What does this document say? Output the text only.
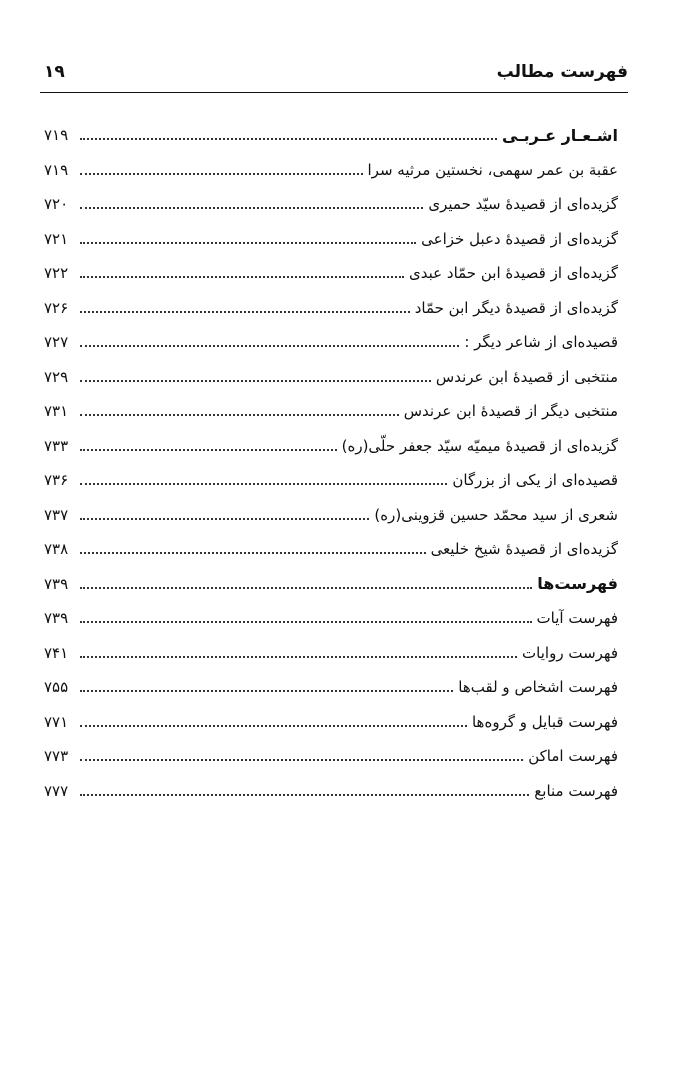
فهرست مطالب
۱۹
اشـعـار عـربـی
۷۱۹
عقبة بن عمر سهمی، نخستین مرثیه سرا
۷۱۹
گزیده‌ای از قصیدهٔ سیّد حمیری
۷۲۰
گزیده‌ای از قصیدهٔ دعبل خزاعی
۷۲۱
گزیده‌ای از قصیدهٔ ابن حمّاد عبدی
۷۲۲
گزیده‌ای از قصیدهٔ دیگر ابن حمّاد
۷۲۶
قصیده‌ای از شاعر دیگر :
۷۲۷
منتخبی از قصیدهٔ ابن عرندس
۷۲۹
منتخبی دیگر از قصیدهٔ ابن عرندس
۷۳۱
گزیده‌ای از قصیدهٔ میمیّه سیّد جعفر حلّی(ره)
۷۳۳
قصیده‌ای از یکی از بزرگان
۷۳۶
شعری از سید محمّد حسین قزوینی(ره)
۷۳۷
گزیده‌ای از قصیدهٔ شیخ خلیعی
۷۳۸
فهرست‌ها
۷۳۹
فهرست آیات
۷۳۹
فهرست روایات
۷۴۱
فهرست اشخاص و لقب‌ها
۷۵۵
فهرست قبایل و گروه‌ها
۷۷۱
فهرست اماکن
۷۷۳
فهرست منابع
۷۷۷
